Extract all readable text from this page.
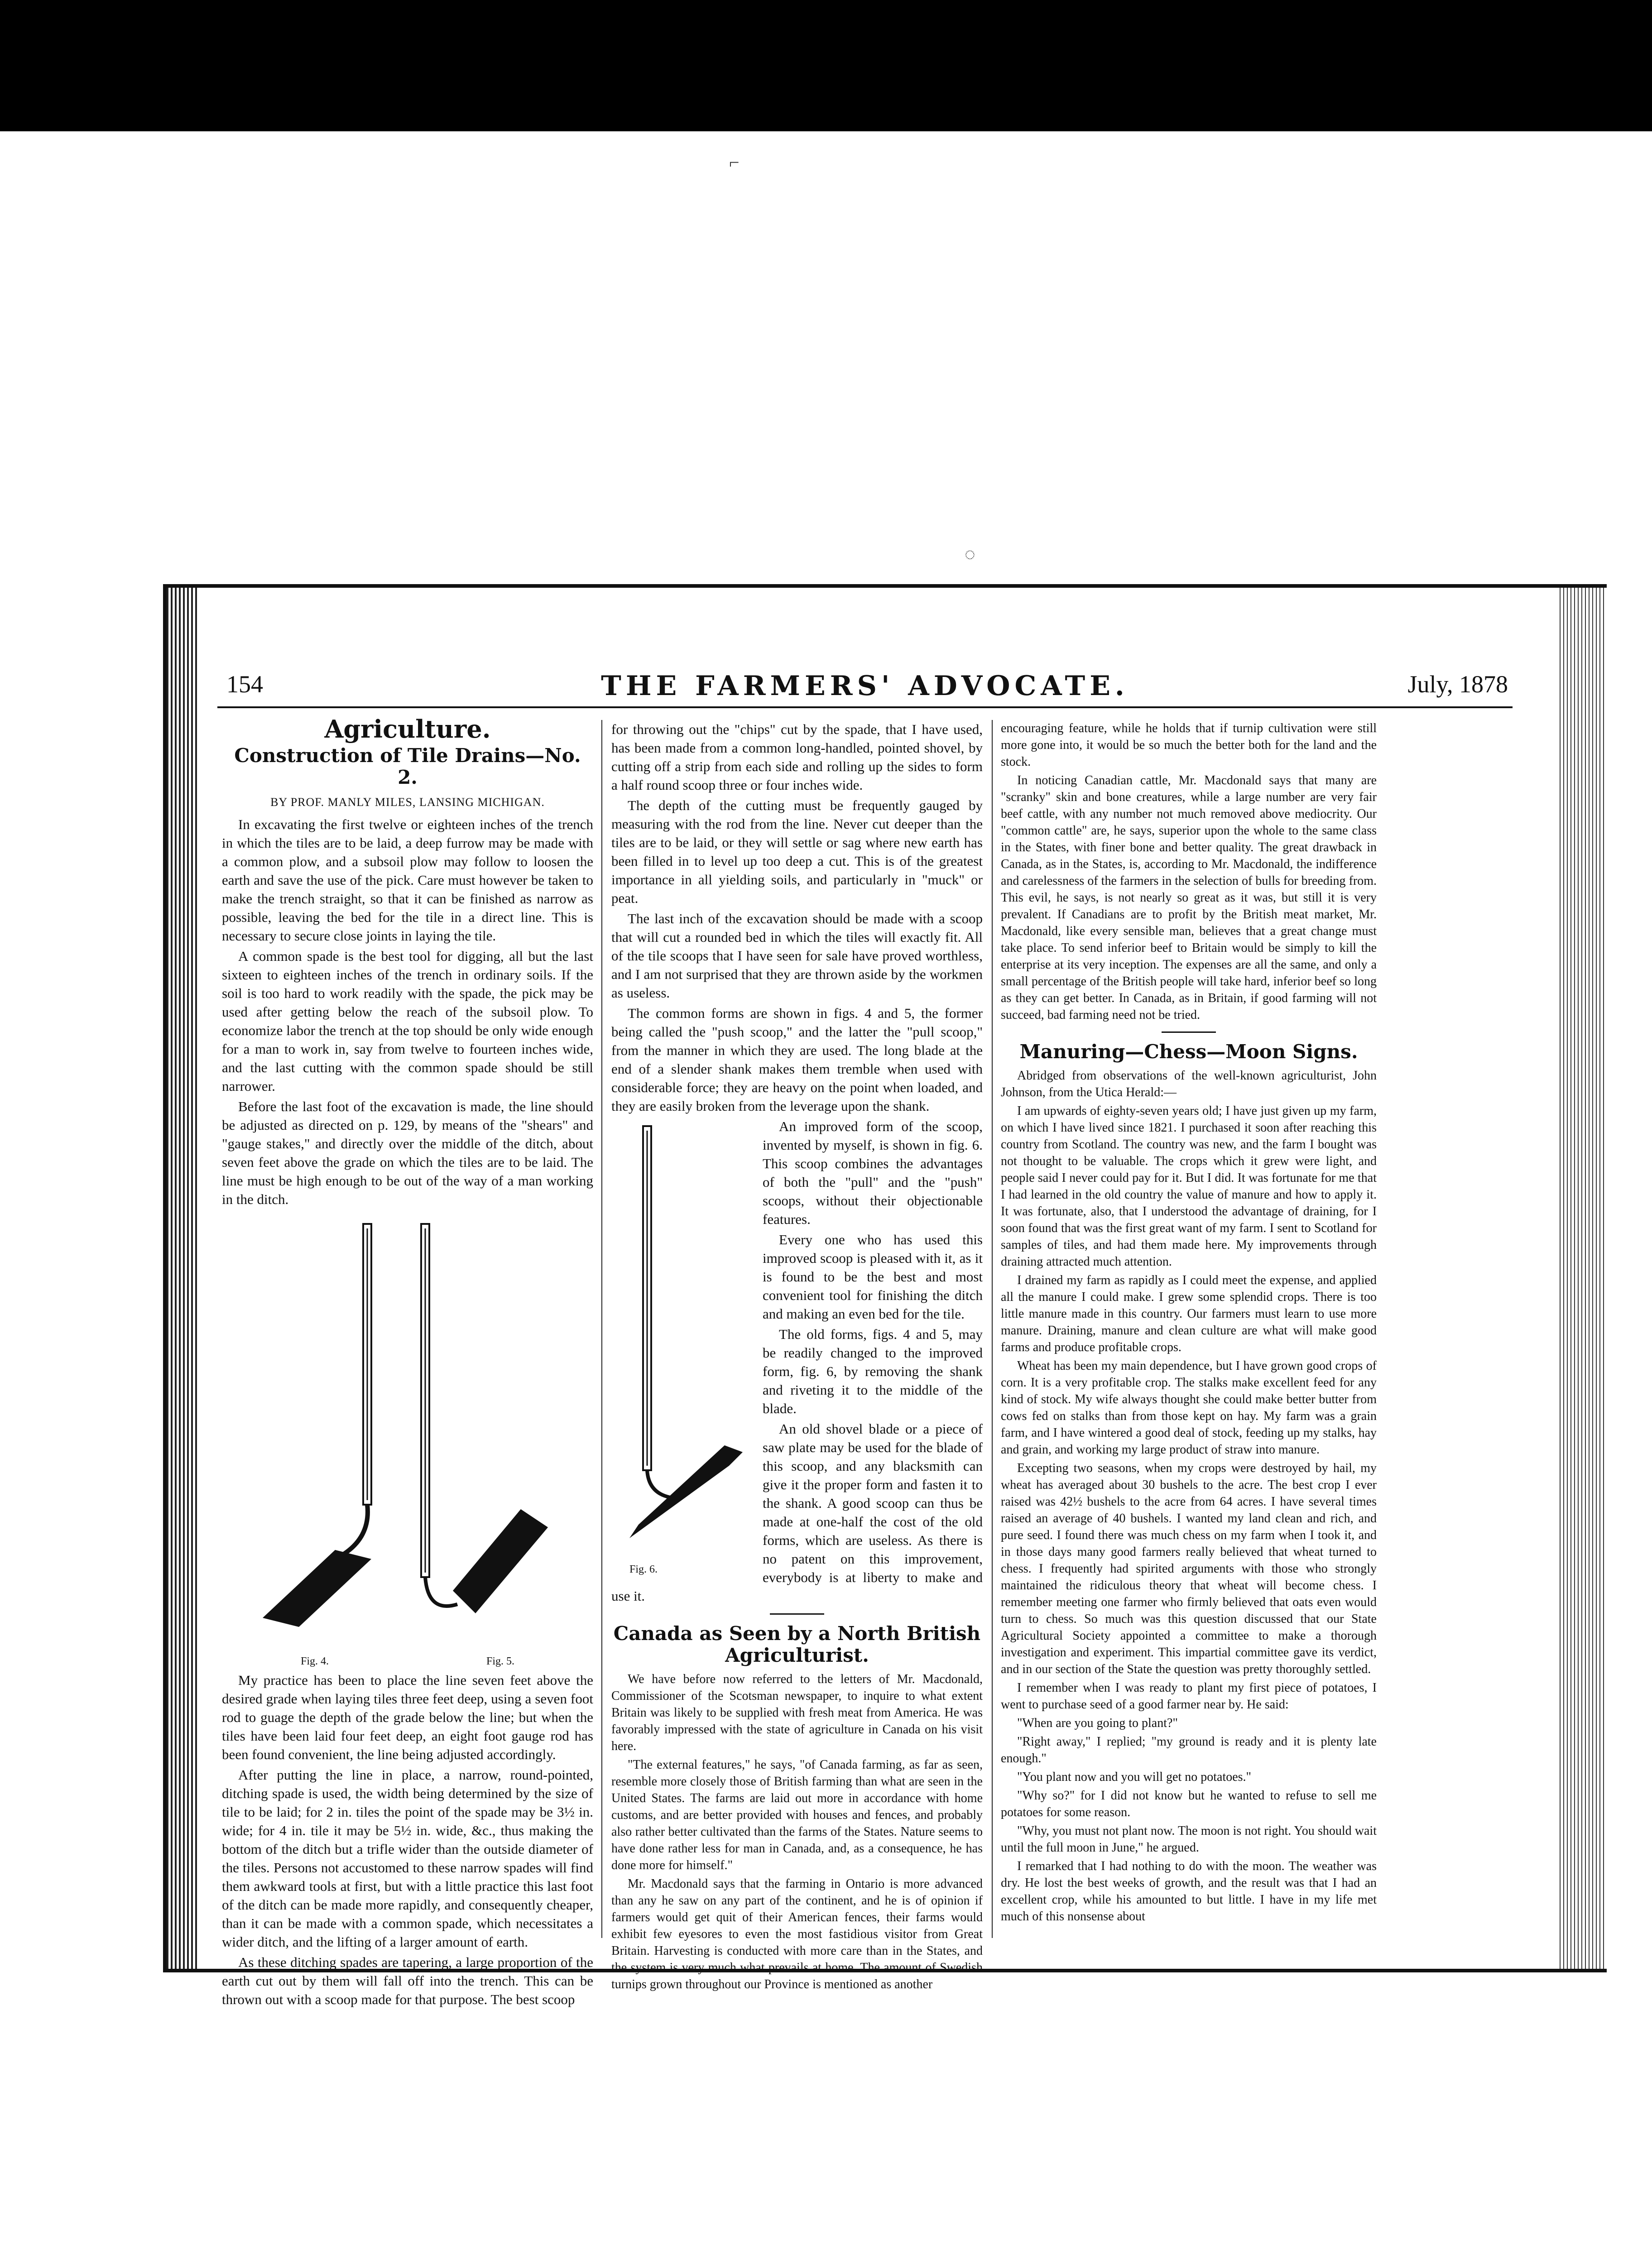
⌐
◌
154	THE FARMERS' ADVOCATE.	July, 1878
Agriculture.
Construction of Tile Drains—No. 2.
BY PROF. MANLY MILES, LANSING MICHIGAN.

In excavating the first twelve or eighteen inches of the trench in which the tiles are to be laid, a deep furrow may be made with a common plow, and a subsoil plow may follow to loosen the earth and save the use of the pick. Care must however be taken to make the trench straight, so that it can be finished as narrow as possible, leaving the bed for the tile in a direct line. This is necessary to secure close joints in laying the tile.

A common spade is the best tool for digging, all but the last sixteen to eighteen inches of the trench in ordinary soils. If the soil is too hard to work readily with the spade, the pick may be used after getting below the reach of the subsoil plow. To economize labor the trench at the top should be only wide enough for a man to work in, say from twelve to fourteen inches wide, and the last cutting with the common spade should be still narrower.

Before the last foot of the excavation is made, the line should be adjusted as directed on p. 129, by means of the "shears" and "gauge stakes," and directly over the middle of the ditch, about seven feet above the grade on which the tiles are to be laid. The line must be high enough to be out of the way of a man working in the ditch.

Fig. 4.	Fig. 5.

My practice has been to place the line seven feet above the desired grade when laying tiles three feet deep, using a seven foot rod to guage the depth of the grade below the line; but when the tiles have been laid four feet deep, an eight foot gauge rod has been found convenient, the line being adjusted accordingly.

After putting the line in place, a narrow, round-pointed, ditching spade is used, the width being determined by the size of tile to be laid; for 2 in. tiles the point of the spade may be 3½ in. wide; for 4 in. tile it may be 5½ in. wide, &c., thus making the bottom of the ditch but a trifle wider than the outside diameter of the tiles. Persons not accustomed to these narrow spades will find them awkward tools at first, but with a little practice this last foot of the ditch can be made more rapidly, and consequently cheaper, than it can be made with a common spade, which necessitates a wider ditch, and the lifting of a larger amount of earth.

As these ditching spades are tapering, a large proportion of the earth cut out by them will fall off into the trench. This can be thrown out with a scoop made for that purpose. The best scoop

for throwing out the "chips" cut by the spade, that I have used, has been made from a common long-handled, pointed shovel, by cutting off a strip from each side and rolling up the sides to form a half round scoop three or four inches wide.

The depth of the cutting must be frequently gauged by measuring with the rod from the line. Never cut deeper than the tiles are to be laid, or they will settle or sag where new earth has been filled in to level up too deep a cut. This is of the greatest importance in all yielding soils, and particularly in "muck" or peat.

The last inch of the excavation should be made with a scoop that will cut a rounded bed in which the tiles will exactly fit. All of the tile scoops that I have seen for sale have proved worthless, and I am not surprised that they are thrown aside by the workmen as useless.

The common forms are shown in figs. 4 and 5, the former being called the "push scoop," and the latter the "pull scoop," from the manner in which they are used. The long blade at the end of a slender shank makes them tremble when used with considerable force; they are heavy on the point when loaded, and they are easily broken from the leverage upon the shank.

Fig. 6.

An improved form of the scoop, invented by myself, is shown in fig. 6. This scoop combines the advantages of both the "pull" and the "push" scoops, without their objectionable features.

Every one who has used this improved scoop is pleased with it, as it is found to be the best and most convenient tool for finishing the ditch and making an even bed for the tile.

The old forms, figs. 4 and 5, may be readily changed to the improved form, fig. 6, by removing the shank and riveting it to the middle of the blade.

An old shovel blade or a piece of saw plate may be used for the blade of this scoop, and any blacksmith can give it the proper form and fasten it to the shank. A good scoop can thus be made at one-half the cost of the old forms, which are useless. As there is no patent on this improvement, everybody is at liberty to make and use it.

Canada as Seen by a North British Agriculturist.

We have before now referred to the letters of Mr. Macdonald, Commissioner of the Scotsman newspaper, to inquire to what extent Britain was likely to be supplied with fresh meat from America. He was favorably impressed with the state of agriculture in Canada on his visit here.

"The external features," he says, "of Canada farming, as far as seen, resemble more closely those of British farming than what are seen in the United States. The farms are laid out more in accordance with home customs, and are better provided with houses and fences, and probably also rather better cultivated than the farms of the States. Nature seems to have done rather less for man in Canada, and, as a consequence, he has done more for himself."

Mr. Macdonald says that the farming in Ontario is more advanced than any he saw on any part of the continent, and he is of opinion if farmers would get quit of their American fences, their farms would exhibit few eyesores to even the most fastidious visitor from Great Britain. Harvesting is conducted with more care than in the States, and the system is very much what prevails at home. The amount of Swedish turnips grown throughout our Province is mentioned as another

encouraging feature, while he holds that if turnip cultivation were still more gone into, it would be so much the better both for the land and the stock.

In noticing Canadian cattle, Mr. Macdonald says that many are "scranky" skin and bone creatures, while a large number are very fair beef cattle, with any number not much removed above mediocrity. Our "common cattle" are, he says, superior upon the whole to the same class in the States, with finer bone and better quality. The great drawback in Canada, as in the States, is, according to Mr. Macdonald, the indifference and carelessness of the farmers in the selection of bulls for breeding from. This evil, he says, is not nearly so great as it was, but still it is very prevalent. If Canadians are to profit by the British meat market, Mr. Macdonald, like every sensible man, believes that a great change must take place. To send inferior beef to Britain would be simply to kill the enterprise at its very inception. The expenses are all the same, and only a small percentage of the British people will take hard, inferior beef so long as they can get better. In Canada, as in Britain, if good farming will not succeed, bad farming need not be tried.

Manuring—Chess—Moon Signs.

Abridged from observations of the well-known agriculturist, John Johnson, from the Utica Herald:—

I am upwards of eighty-seven years old; I have just given up my farm, on which I have lived since 1821. I purchased it soon after reaching this country from Scotland. The country was new, and the farm I bought was not thought to be valuable. The crops which it grew were light, and people said I never could pay for it. But I did. It was fortunate for me that I had learned in the old country the value of manure and how to apply it. It was fortunate, also, that I understood the advantage of draining, for I soon found that was the first great want of my farm. I sent to Scotland for samples of tiles, and had them made here. My improvements through draining attracted much attention.

I drained my farm as rapidly as I could meet the expense, and applied all the manure I could make. I grew some splendid crops. There is too little manure made in this country. Our farmers must learn to use more manure. Draining, manure and clean culture are what will make good farms and produce profitable crops.

Wheat has been my main dependence, but I have grown good crops of corn. It is a very profitable crop. The stalks make excellent feed for any kind of stock. My wife always thought she could make better butter from cows fed on stalks than from those kept on hay. My farm was a grain farm, and I have wintered a good deal of stock, feeding up my stalks, hay and grain, and working my large product of straw into manure.

Excepting two seasons, when my crops were destroyed by hail, my wheat has averaged about 30 bushels to the acre. The best crop I ever raised was 42½ bushels to the acre from 64 acres. I have several times raised an average of 40 bushels. I wanted my land clean and rich, and pure seed. I found there was much chess on my farm when I took it, and in those days many good farmers really believed that wheat turned to chess. I frequently had spirited arguments with those who strongly maintained the ridiculous theory that wheat will become chess. I remember meeting one farmer who firmly believed that oats even would turn to chess. So much was this question discussed that our State Agricultural Society appointed a committee to make a thorough investigation and experiment. This impartial committee gave its verdict, and in our section of the State the question was pretty thoroughly settled.

I remember when I was ready to plant my first piece of potatoes, I went to purchase seed of a good farmer near by. He said:

"When are you going to plant?"

"Right away," I replied; "my ground is ready and it is plenty late enough."

"You plant now and you will get no potatoes."

"Why so?" for I did not know but he wanted to refuse to sell me potatoes for some reason.

"Why, you must not plant now. The moon is not right. You should wait until the full moon in June," he argued.

I remarked that I had nothing to do with the moon. The weather was dry. He lost the best weeks of growth, and the result was that I had an excellent crop, while his amounted to but little. I have in my life met much of this nonsense about
